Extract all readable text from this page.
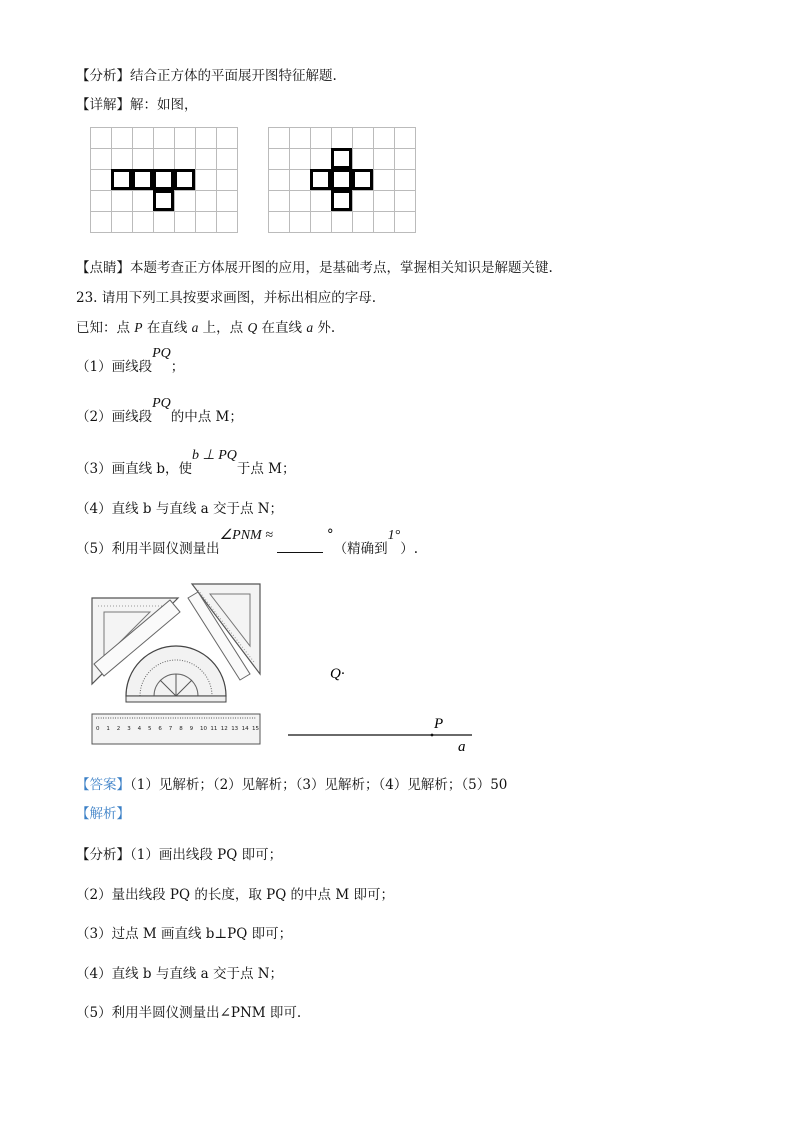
【分析】结合正方体的平面展开图特征解题.
【详解】解：如图，
【点睛】本题考查正方体展开图的应用，是基础考点，掌握相关知识是解题关键.
23. 请用下列工具按要求画图，并标出相应的字母.
已知：点 P 在直线 a 上，点 Q 在直线 a 外.
（1）画线段PQ；
（2）画线段PQ的中点 M；
（3）画直线 b，使b ⊥ PQ于点 M；
（4）直线 b 与直线 a 交于点 N；
（5）利用半圆仪测量出∠PNM ≈	°（精确到1°）.
0 1 2 3 4 5 6 7 8 9 10 11 12 13 14 15
Q·
P
a
【答案】（1）见解析；（2）见解析；（3）见解析；（4）见解析；（5）50
【解析】
【分析】（1）画出线段 PQ 即可；
（2）量出线段 PQ 的长度，取 PQ 的中点 M 即可；
（3）过点 M 画直线 b⊥PQ 即可；
（4）直线 b 与直线 a 交于点 N；
（5）利用半圆仪测量出∠PNM 即可.
